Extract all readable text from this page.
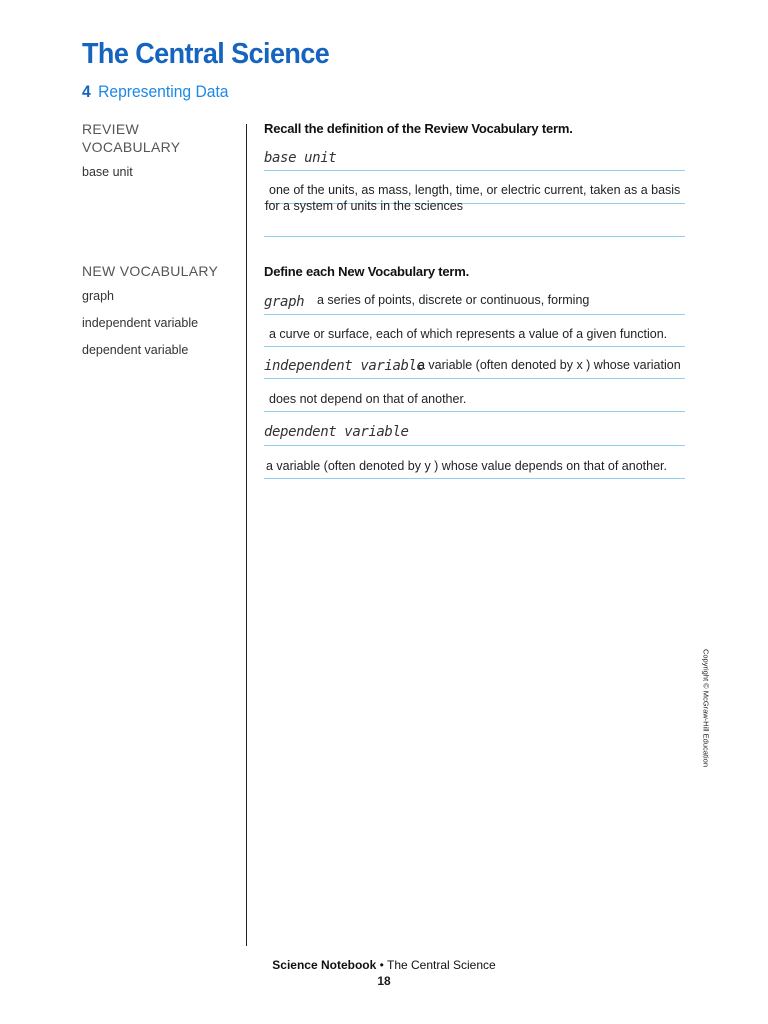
The Central Science
4 Representing Data

REVIEW

VOCABULARY

base unit

NEW VOCABULARY

graph

independent variable

dependent variable

Recall the definition of the Review Vocabulary term.
base unit
one of the units, as mass, length, time, or electric current, taken as a basis
for a system of units in the sciences
Define each New Vocabulary term.
graph a series of points, discrete or continuous, forming
a curve or surface, each of which represents a value of a given function.
independent variable
a variable (often denoted by x ) whose variation
does not depend on that of another.
dependent variable
a variable (often denoted by y ) whose value depends on that of another.
Copyright © McGraw-Hill Education
Science Notebook • The Central Science
18
